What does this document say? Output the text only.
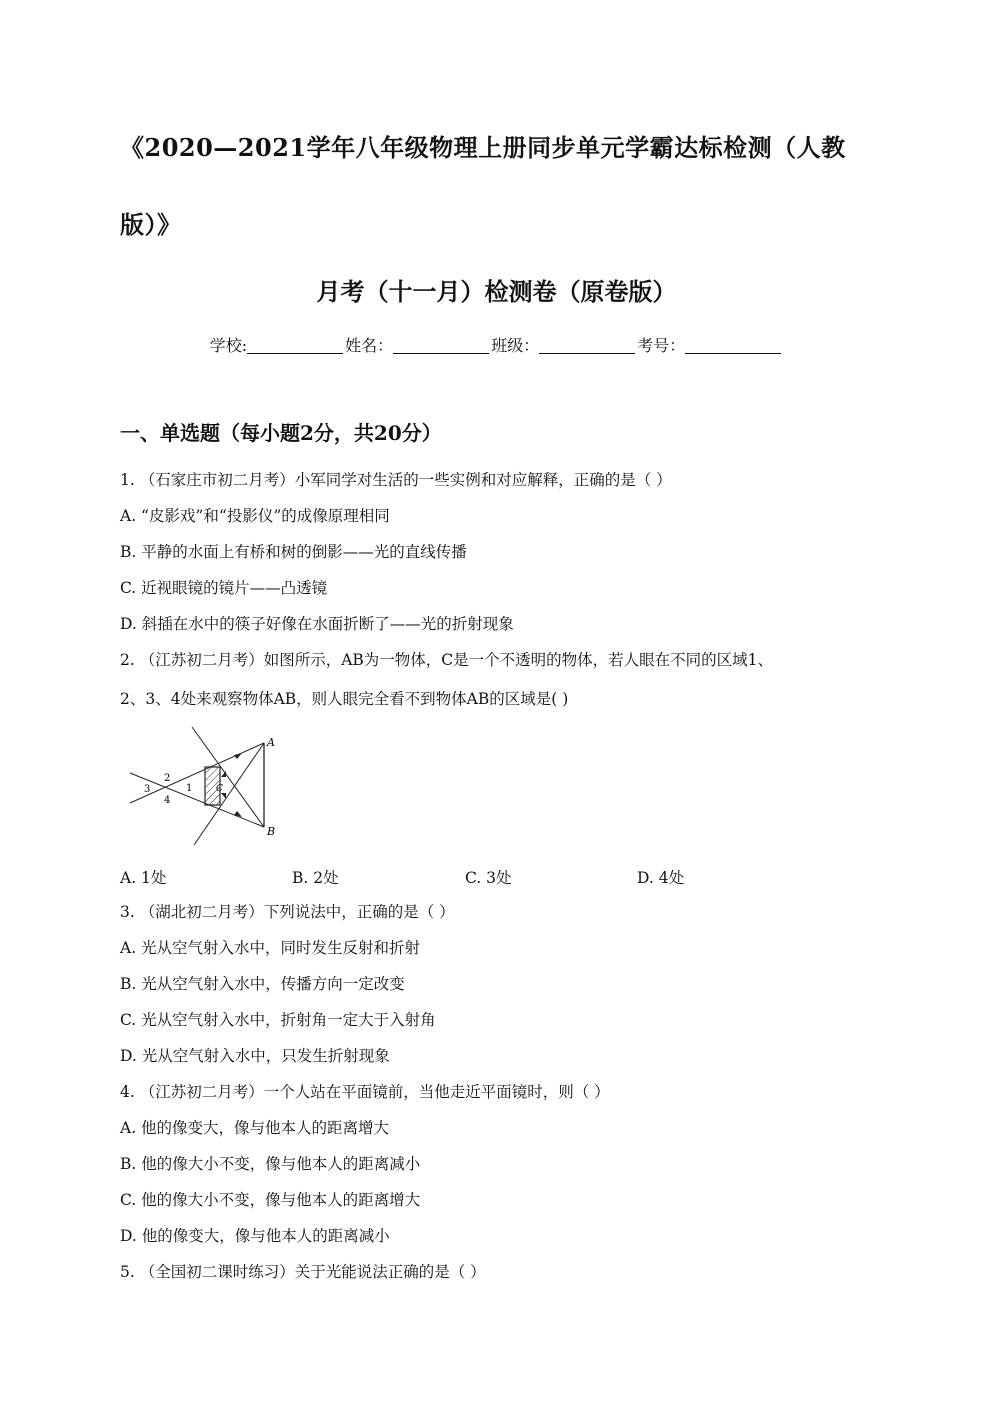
《2020—2021学年八年级物理上册同步单元学霸达标检测（人教
版）》
月考（十一月）检测卷（原卷版）
学校:	姓名：	班级：	考号：
一、单选题（每小题2分，共20分）
1. （石家庄市初二月考）小军同学对生活的一些实例和对应解释，正确的是（ ）
A. “皮影戏”和“投影仪”的成像原理相同
B. 平静的水面上有桥和树的倒影——光的直线传播
C. 近视眼镜的镜片——凸透镜
D. 斜插在水中的筷子好像在水面折断了——光的折射现象
2. （江苏初二月考）如图所示，AB为一物体，C是一个不透明的物体，若人眼在不同的区域1、
2、3、4处来观察物体AB，则人眼完全看不到物体AB的区域是( )
A
B
C
1
2
3
4
A. 1处	B. 2处	C. 3处	D. 4处
3. （湖北初二月考）下列说法中，正确的是（ ）
A. 光从空气射入水中，同时发生反射和折射
B. 光从空气射入水中，传播方向一定改变
C. 光从空气射入水中，折射角一定大于入射角
D. 光从空气射入水中，只发生折射现象
4. （江苏初二月考）一个人站在平面镜前，当他走近平面镜时，则（ ）
A. 他的像变大，像与他本人的距离增大
B. 他的像大小不变，像与他本人的距离减小
C. 他的像大小不变，像与他本人的距离增大
D. 他的像变大，像与他本人的距离减小
5. （全国初二课时练习）关于光能说法正确的是（ ）
